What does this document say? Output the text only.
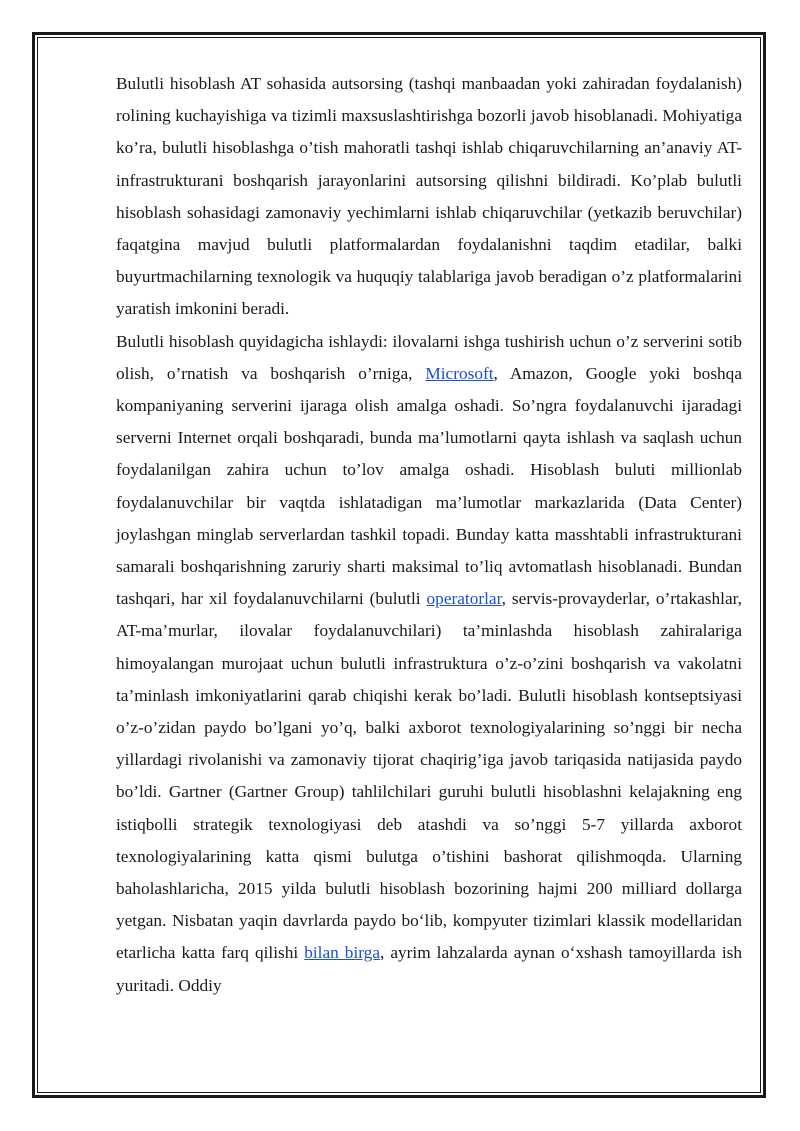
Bulutli hisoblash AT sohasida autsorsing (tashqi manbaadan yoki zahiradan foydalanish) rolining kuchayishiga va tizimli maxsuslashtirishga bozorli javob hisoblanadi. Mohiyatiga ko’ra, bulutli hisoblashga o’tish mahoratli tashqi ishlab chiqaruvchilarning an’anaviy AT-infrastrukturani boshqarish jarayonlarini autsorsing qilishni bildiradi. Ko’plab bulutli hisoblash sohasidagi zamonaviy yechimlarni ishlab chiqaruvchilar (yetkazib beruvchilar) faqatgina mavjud bulutli platformalardan foydalanishni taqdim etadilar, balki buyurtmachilarning texnologik va huquqiy talablariga javob beradigan o’z platformalarini yaratish imkonini beradi.

Bulutli hisoblash quyidagicha ishlaydi: ilovalarni ishga tushirish uchun o’z serverini sotib olish, o’rnatish va boshqarish o’rniga, Microsoft, Amazon, Google yoki boshqa kompaniyaning serverini ijaraga olish amalga oshadi. So’ngra foydalanuvchi ijaradagi serverni Internet orqali boshqaradi, bunda ma’lumotlarni qayta ishlash va saqlash uchun foydalanilgan zahira uchun to’lov amalga oshadi. Hisoblash buluti millionlab foydalanuvchilar bir vaqtda ishlatadigan ma’lumotlar markazlarida (Data Center) joylashgan minglab serverlardan tashkil topadi. Bunday katta masshtabli infrastrukturani samarali boshqarishning zaruriy sharti maksimal to’liq avtomatlash hisoblanadi. Bundan tashqari, har xil foydalanuvchilarni (bulutli operatorlar, servis-provayderlar, o’rtakashlar, AT-ma’murlar, ilovalar foydalanuvchilari) ta’minlashda hisoblash zahiralariga himoyalangan murojaat uchun bulutli infrastruktura o’z-o’zini boshqarish va vakolatni ta’minlash imkoniyatlarini qarab chiqishi kerak bo’ladi. Bulutli hisoblash kontseptsiyasi o’z-o’zidan paydo bo’lgani yo’q, balki axborot texnologiyalarining so’nggi bir necha yillardagi rivolanishi va zamonaviy tijorat chaqirig’iga javob tariqasida natijasida paydo bo’ldi. Gartner (Gartner Group) tahlilchilari guruhi bulutli hisoblashni kelajakning eng istiqbolli strategik texnologiyasi deb atashdi va so’nggi 5-7 yillarda axborot texnologiyalarining katta qismi bulutga o’tishini bashorat qilishmoqda. Ularning baholashlaricha, 2015 yilda bulutli hisoblash bozorining hajmi 200 milliard dollarga yetgan. Nisbatan yaqin davrlarda paydo bo‘lib, kompyuter tizimlari klassik modellaridan etarlicha katta farq qilishi bilan birga, ayrim lahzalarda aynan o‘xshash tamoyillarda ish yuritadi. Oddiy
